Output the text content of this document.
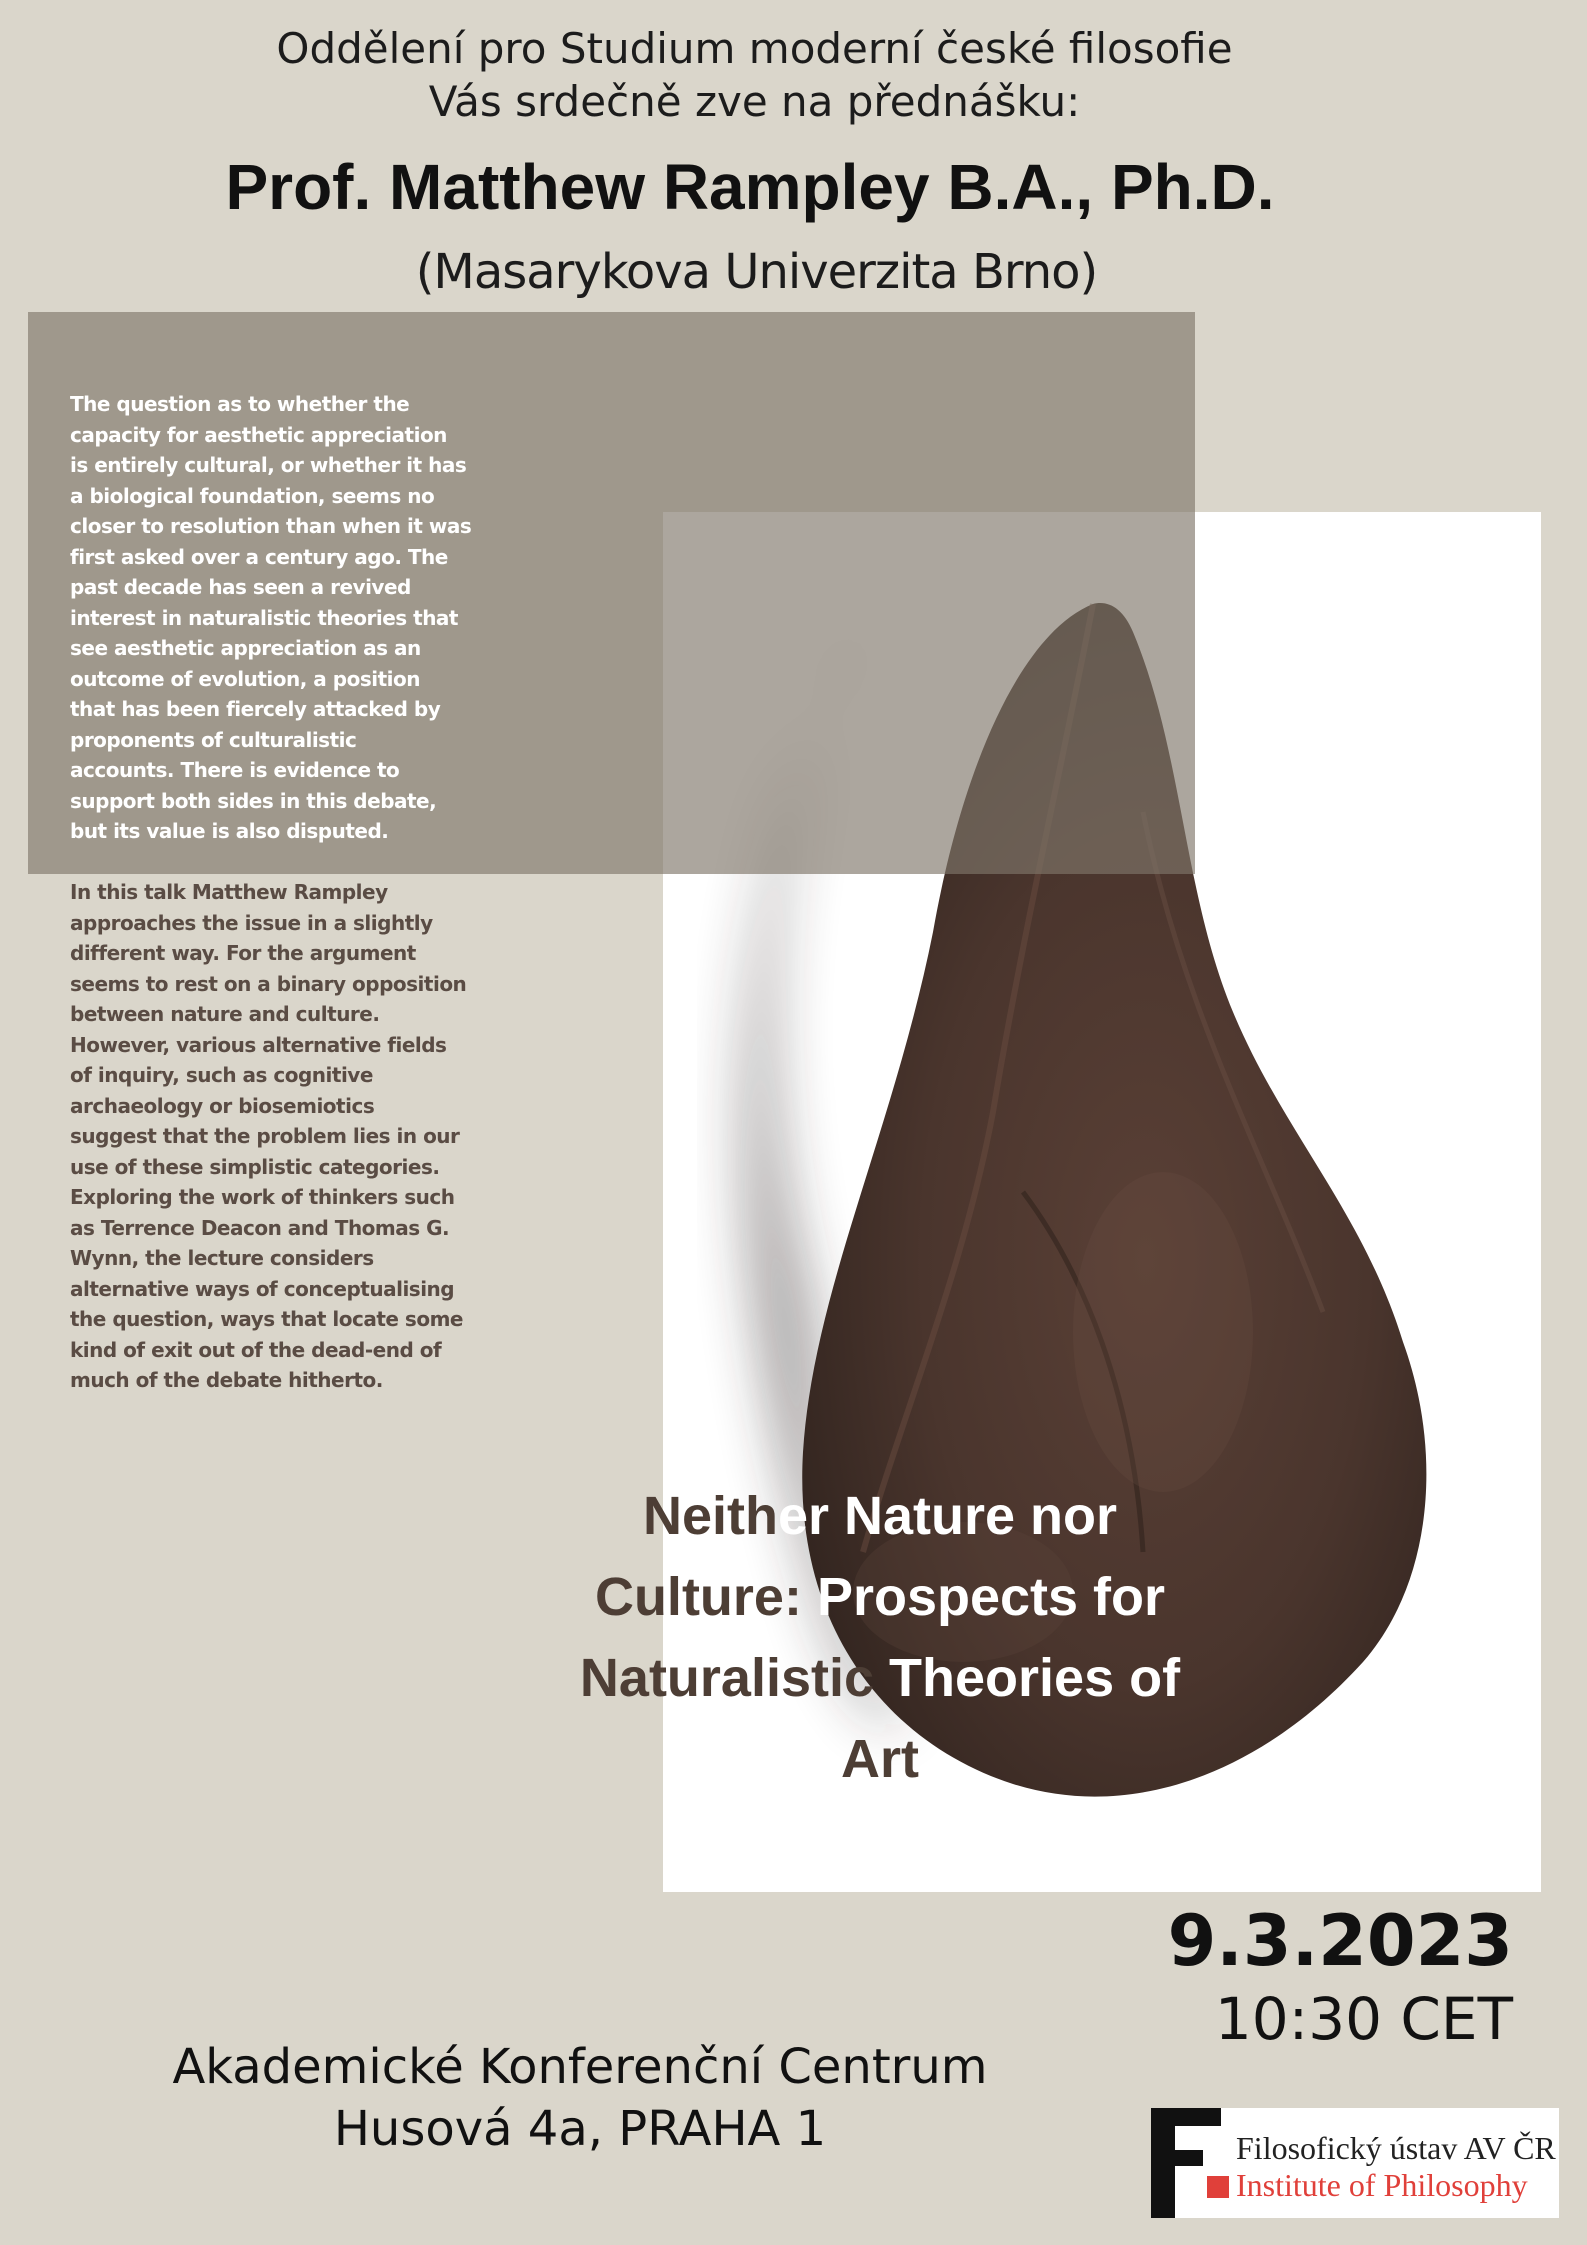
Oddělení pro Studium moderní české filosofie
Vás srdečně zve na přednášku:
Prof. Matthew Rampley B.A., Ph.D.
(Masarykova Univerzita Brno)
The question as to whether the
capacity for aesthetic appreciation
is entirely cultural, or whether it has
a biological foundation, seems no
closer to resolution than when it was
first asked over a century ago. The
past decade has seen a revived
interest in naturalistic theories that
see aesthetic appreciation as an
outcome of evolution, a position
that has been fiercely attacked by
proponents of culturalistic
accounts. There is evidence to
support both sides in this debate,
but its value is also disputed.
In this talk Matthew Rampley
approaches the issue in a slightly
different way. For the argument
seems to rest on a binary opposition
between nature and culture.
However, various alternative fields
of inquiry, such as cognitive
archaeology or biosemiotics
suggest that the problem lies in our
use of these simplistic categories.
Exploring the work of thinkers such
as Terrence Deacon and Thomas G.
Wynn, the lecture considers
alternative ways of conceptualising
the question, ways that locate some
kind of exit out of the dead-end of
much of the debate hitherto.
Neither Nature nor
Culture: Prospects for
Naturalistic Theories of
Art
9.3.2023
10:30 CET
Akademické Konferenční Centrum
Husová 4a, PRAHA 1	Filosofický ústav AV ČR
Institute of Philosophy
